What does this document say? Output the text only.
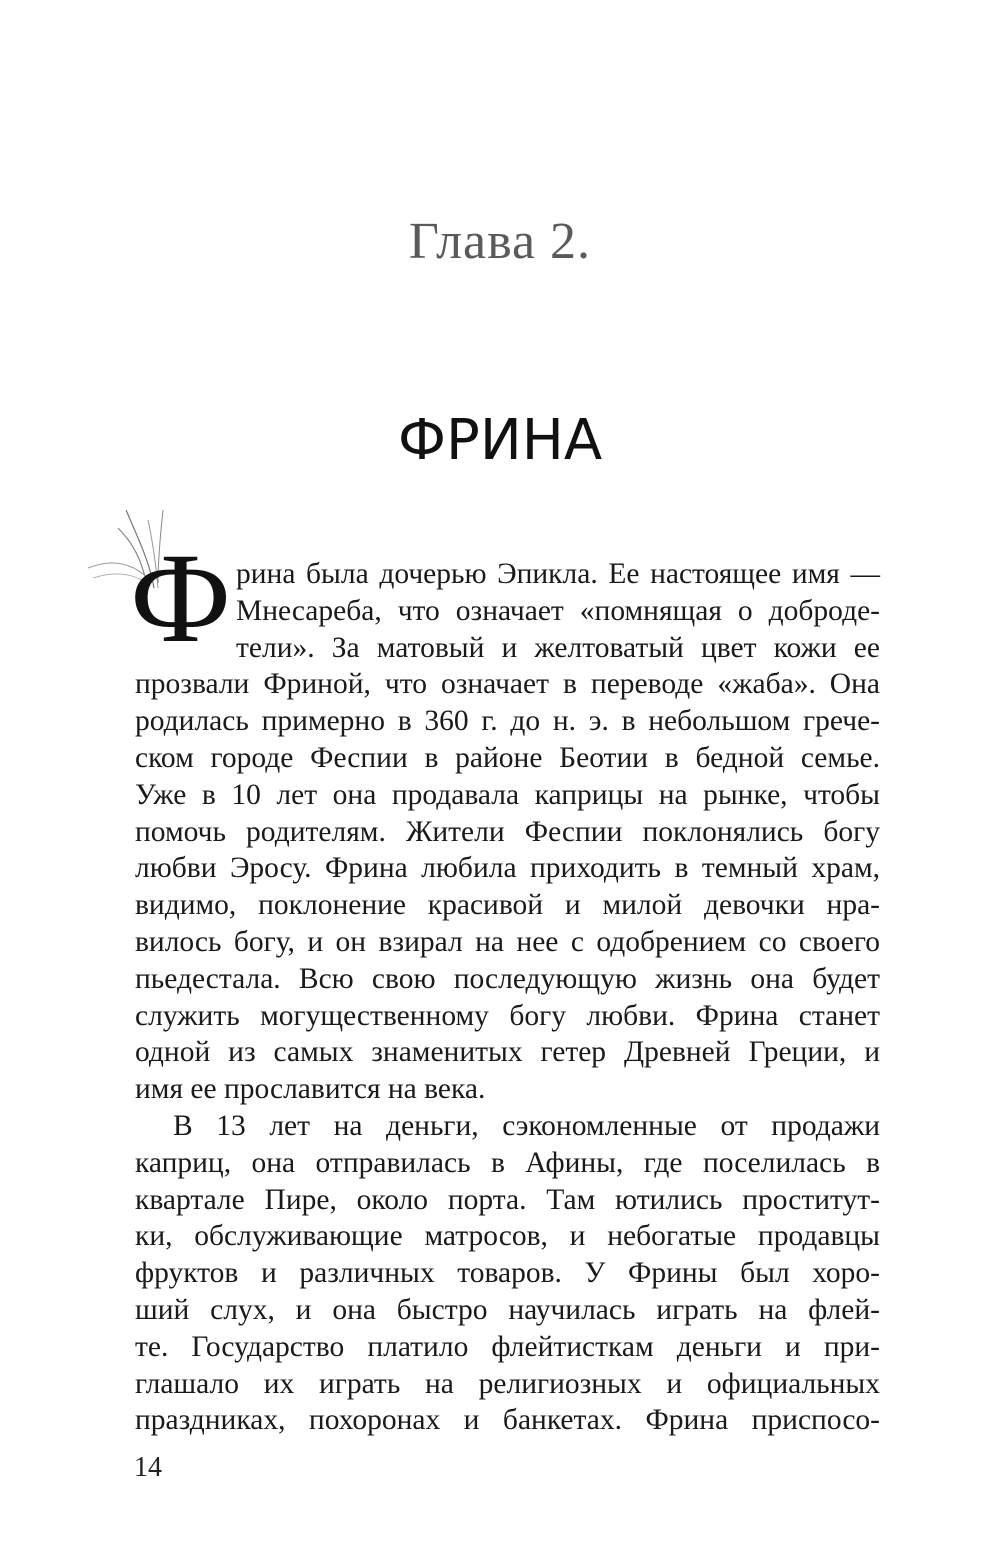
Глава 2.
ФРИНА
Ф рина была дочерью Эпикла. Ее настоящее имя —
Мнесареба, что означает «помнящая о доброде-
тели». За матовый и желтоватый цвет кожи ее
прозвали Фриной, что означает в переводе «жаба». Она
родилась примерно в 360 г. до н. э. в небольшом грече-
ском городе Феспии в районе Беотии в бедной семье.
Уже в 10 лет она продавала каприцы на рынке, чтобы
помочь родителям. Жители Феспии поклонялись богу
любви Эросу. Фрина любила приходить в темный храм,
видимо, поклонение красивой и милой девочки нра-
вилось богу, и он взирал на нее с одобрением со своего
пьедестала. Всю свою последующую жизнь она будет
служить могущественному богу любви. Фрина станет
одной из самых знаменитых гетер Древней Греции, и
имя ее прославится на века.
В 13 лет на деньги, сэкономленные от продажи
каприц, она отправилась в Афины, где поселилась в
квартале Пире, около порта. Там ютились проститут-
ки, обслуживающие матросов, и небогатые продавцы
фруктов и различных товаров. У Фрины был хоро-
ший слух, и она быстро научилась играть на флей-
те. Государство платило флейтисткам деньги и при-
глашало их играть на религиозных и официальных
праздниках, похоронах и банкетах. Фрина приспосо-
14
